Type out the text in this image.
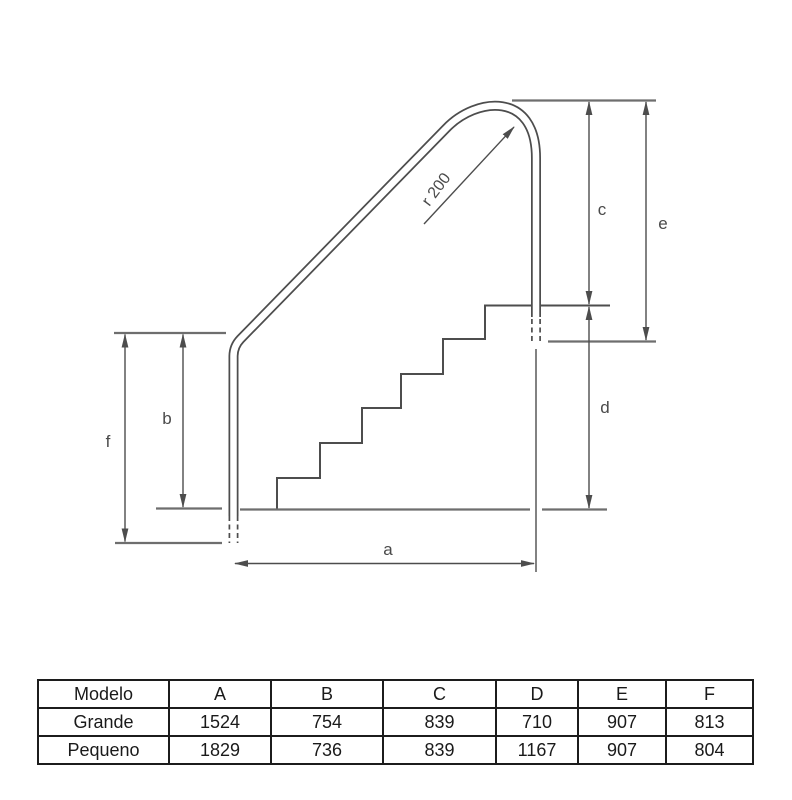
r 200
c
e
d
b
f
a
Modelo	A	B	C	D	E	F
Grande	1524	754	839	710	907	813
Pequeno	1829	736	839	1167	907	804
